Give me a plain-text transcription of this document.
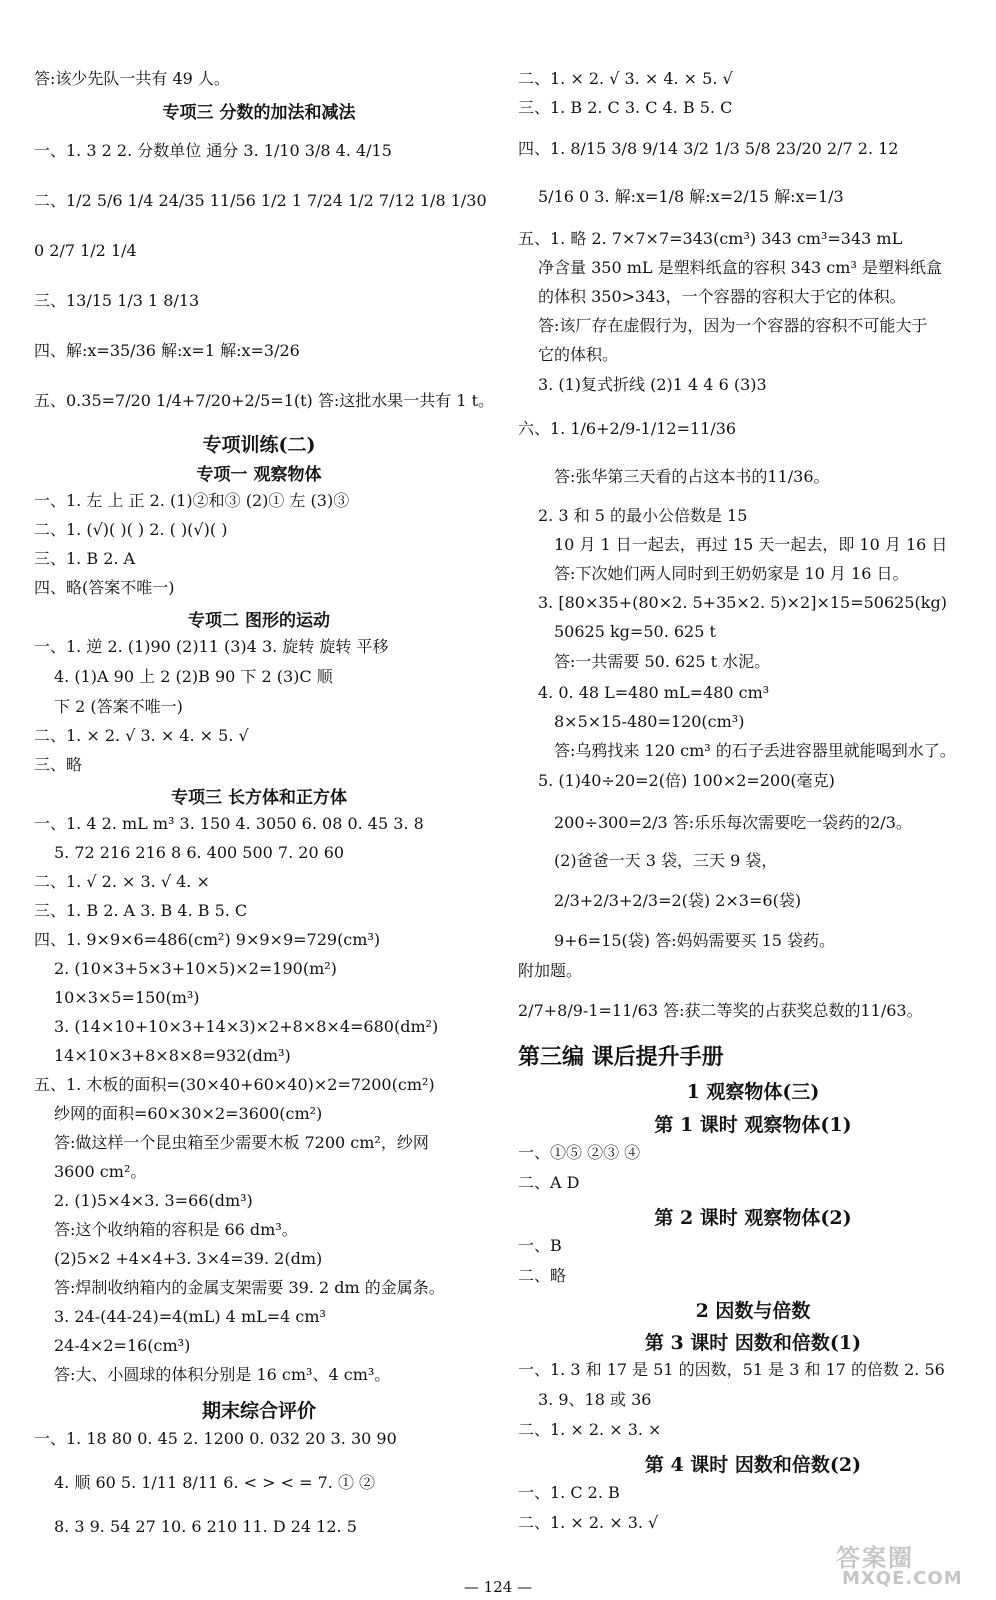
答:该少先队一共有 49 人。
专项三 分数的加法和减法
一、1. 3 2 2. 分数单位 通分 3. 1/10 3/8 4. 4/15
二、1/2 5/6 1/4 24/35 11/56 1/2 1 7/24 1/2 7/12 1/8 1/30
0 2/7 1/2 1/4
三、13/15 1/3 1 8/13
四、解:x=35/36 解:x=1 解:x=3/26
五、0.35=7/20 1/4+7/20+2/5=1(t) 答:这批水果一共有 1 t。
专项训练(二)
专项一 观察物体
一、1. 左 上 正 2. (1)②和③ (2)① 左 (3)③
二、1. (√)( )( ) 2. ( )(√)( )
三、1. B 2. A
四、略(答案不唯一)
专项二 图形的运动
一、1. 逆 2. (1)90 (2)11 (3)4 3. 旋转 旋转 平移
4. (1)A 90 上 2 (2)B 90 下 2 (3)C 顺
下 2 (答案不唯一)
二、1. × 2. √ 3. × 4. × 5. √
三、略
专项三 长方体和正方体
一、1. 4 2. mL m³ 3. 150 4. 3050 6. 08 0. 45 3. 8
5. 72 216 216 8 6. 400 500 7. 20 60
二、1. √ 2. × 3. √ 4. ×
三、1. B 2. A 3. B 4. B 5. C
四、1. 9×9×6=486(cm²) 9×9×9=729(cm³)
2. (10×3+5×3+10×5)×2=190(m²)
10×3×5=150(m³)
3. (14×10+10×3+14×3)×2+8×8×4=680(dm²)
14×10×3+8×8×8=932(dm³)
五、1. 木板的面积=(30×40+60×40)×2=7200(cm²)
纱网的面积=60×30×2=3600(cm²)
答:做这样一个昆虫箱至少需要木板 7200 cm²，纱网
3600 cm²。
2. (1)5×4×3. 3=66(dm³)
答:这个收纳箱的容积是 66 dm³。
(2)5×2 +4×4+3. 3×4=39. 2(dm)
答:焊制收纳箱内的金属支架需要 39. 2 dm 的金属条。
3. 24-(44-24)=4(mL) 4 mL=4 cm³
24-4×2=16(cm³)
答:大、小圆球的体积分别是 16 cm³、4 cm³。
期末综合评价
一、1. 18 80 0. 45 2. 1200 0. 032 20 3. 30 90
4. 顺 60 5. 1/11 8/11 6. < > < = 7. ① ②
8. 3 9. 54 27 10. 6 210 11. D 24 12. 5
二、1. × 2. √ 3. × 4. × 5. √
三、1. B 2. C 3. C 4. B 5. C
四、1. 8/15 3/8 9/14 3/2 1/3 5/8 23/20 2/7 2. 12
5/16 0 3. 解:x=1/8 解:x=2/15 解:x=1/3
五、1. 略 2. 7×7×7=343(cm³) 343 cm³=343 mL
净含量 350 mL 是塑料纸盒的容积 343 cm³ 是塑料纸盒
的体积 350>343，一个容器的容积大于它的体积。
答:该厂存在虚假行为，因为一个容器的容积不可能大于
它的体积。
3. (1)复式折线 (2)1 4 4 6 (3)3
六、1. 1/6+2/9-1/12=11/36
答:张华第三天看的占这本书的11/36。
2. 3 和 5 的最小公倍数是 15
10 月 1 日一起去，再过 15 天一起去，即 10 月 16 日
答:下次她们两人同时到王奶奶家是 10 月 16 日。
3. [80×35+(80×2. 5+35×2. 5)×2]×15=50625(kg)
50625 kg=50. 625 t
答:一共需要 50. 625 t 水泥。
4. 0. 48 L=480 mL=480 cm³
8×5×15-480=120(cm³)
答:乌鸦找来 120 cm³ 的石子丢进容器里就能喝到水了。
5. (1)40÷20=2(倍) 100×2=200(毫克)
200÷300=2/3 答:乐乐每次需要吃一袋药的2/3。
(2)爸爸一天 3 袋，三天 9 袋，
2/3+2/3+2/3=2(袋) 2×3=6(袋)
9+6=15(袋) 答:妈妈需要买 15 袋药。
附加题。
2/7+8/9-1=11/63 答:获二等奖的占获奖总数的11/63。
第三编 课后提升手册
1 观察物体(三)
第 1 课时 观察物体(1)
一、①⑤ ②③ ④
二、A D
第 2 课时 观察物体(2)
一、B
二、略
2 因数与倍数
第 3 课时 因数和倍数(1)
一、1. 3 和 17 是 51 的因数，51 是 3 和 17 的倍数 2. 56
3. 9、18 或 36
二、1. × 2. × 3. ×
第 4 课时 因数和倍数(2)
一、1. C 2. B
二、1. × 2. × 3. √
— 124 —
答案圈
MXQE.COM
